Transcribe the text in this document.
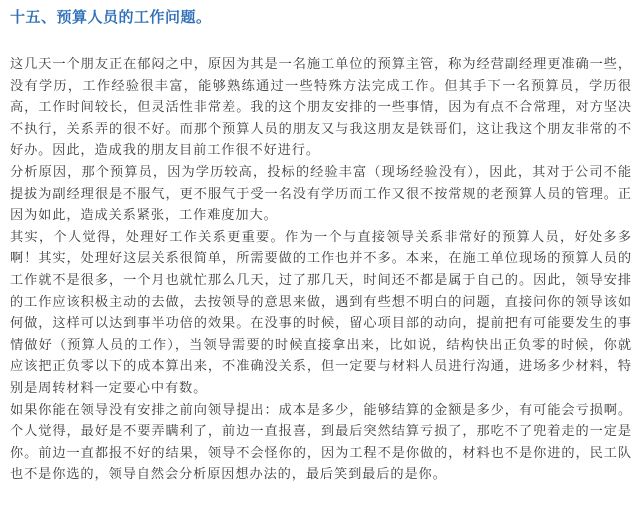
十五、预算人员的工作问题。

这几天一个朋友正在郁闷之中，原因为其是一名施工单位的预算主管，称为经营副经理更准确一些，没有学历，工作经验很丰富，能够熟练通过一些特殊方法完成工作。但其手下一名预算员，学历很高，工作时间较长，但灵活性非常差。我的这个朋友安排的一些事情，因为有点不合常理，对方坚决不执行，关系弄的很不好。而那个预算人员的朋友又与我这朋友是铁哥们，这让我这个朋友非常的不好办。因此，造成我的朋友目前工作很不好进行。

分析原因，那个预算员，因为学历较高，投标的经验丰富（现场经验没有），因此，其对于公司不能提拔为副经理很是不服气，更不服气于受一名没有学历而工作又很不按常规的老预算人员的管理。正因为如此，造成关系紧张，工作难度加大。

其实，个人觉得，处理好工作关系更重要。作为一个与直接领导关系非常好的预算人员，好处多多啊！其实，处理好这层关系很简单，所需要做的工作也并不多。本来，在施工单位现场的预算人员的工作就不是很多，一个月也就忙那么几天，过了那几天，时间还不都是属于自己的。因此，领导安排的工作应该积极主动的去做，去按领导的意思来做，遇到有些想不明白的问题，直接问你的领导该如何做，这样可以达到事半功倍的效果。在没事的时候，留心项目部的动向，提前把有可能要发生的事情做好（预算人员的工作），当领导需要的时候直接拿出来，比如说，结构快出正负零的时候，你就应该把正负零以下的成本算出来，不准确没关系，但一定要与材料人员进行沟通，进场多少材料，特别是周转材料一定要心中有数。

如果你能在领导没有安排之前向领导提出：成本是多少，能够结算的金额是多少，有可能会亏损啊。个人觉得，最好是不要弄瞒利了，前边一直报喜，到最后突然结算亏损了，那吃不了兜着走的一定是你。前边一直都报不好的结果，领导不会怪你的，因为工程不是你做的，材料也不是你进的，民工队也不是你选的，领导自然会分析原因想办法的，最后笑到最后的是你。
